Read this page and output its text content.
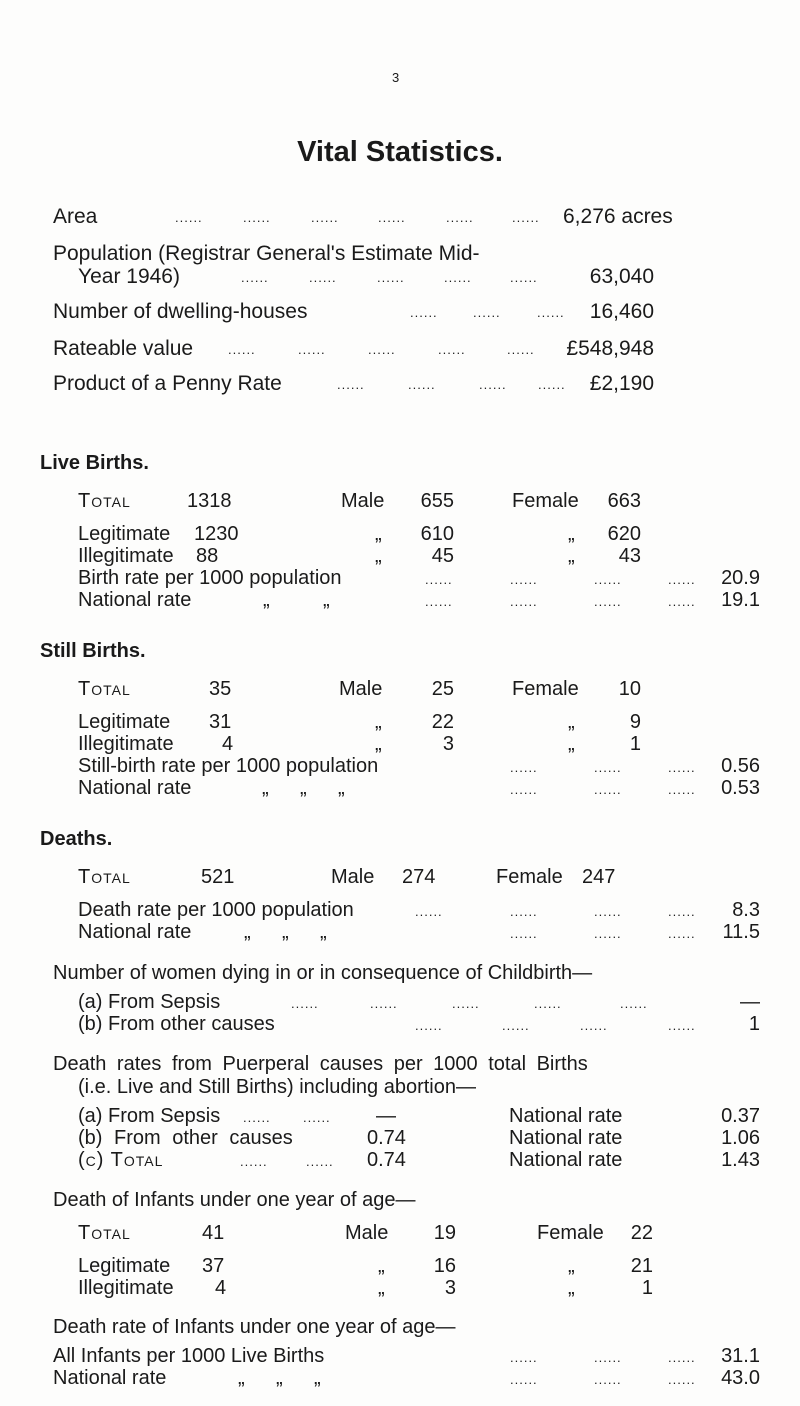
3
Vital Statistics.
Area	......	......	......	......	......	...... 6,276 acres
Population (Registrar General's Estimate Mid-
Year 1946)	......	......	......	......	......	63,040
Number of dwelling-houses	......	......	......	16,460
Rateable value	......	......	......	......	......	£548,948
Product of a Penny Rate	......	......	...... ......	£2,190
Live Births.
Total	1318	Male	655	Female	663
Legitimate 1230	„	610	„	620
Illegitimate 88	„	45	„	43
Birth rate per 1000 population	......	......	......	......	20.9
National rate	„	„	......	......	......	......	19.1
Still Births.
Total	35	Male	25	Female	10
Legitimate 31	„	22	„	9
Illegitimate 4	„	3	„	1
Still-birth rate per 1000 population	......	......	......	0.56
National rate	„ „ „	......	......	......	0.53
Deaths.
Total	521	Male 274	Female 247
Death rate per 1000 population	......	......	......	......	8.3
National rate	„ „ „	......	......	......	11.5
Number of women dying in or in consequence of Childbirth—
(a) From Sepsis	......	......	......	......	......	—
(b) From other causes	......	......	......	......	1
Death rates from Puerperal causes per 1000 total Births
(i.e. Live and Still Births) including abortion—
(a) From Sepsis ...... ...... —	National rate	0.37
(b) From other causes	0.74	National rate	1.06
(c) Total	......	...... 0.74	National rate	1.43
Death of Infants under one year of age—
Total	41	Male	19	Female	22
Legitimate 37	„	16	„	21
Illegitimate 4	„	3	„	1
Death rate of Infants under one year of age—
All Infants per 1000 Live Births	......	......	......	31.1
National rate	„ „ „	......	......	......	43.0
